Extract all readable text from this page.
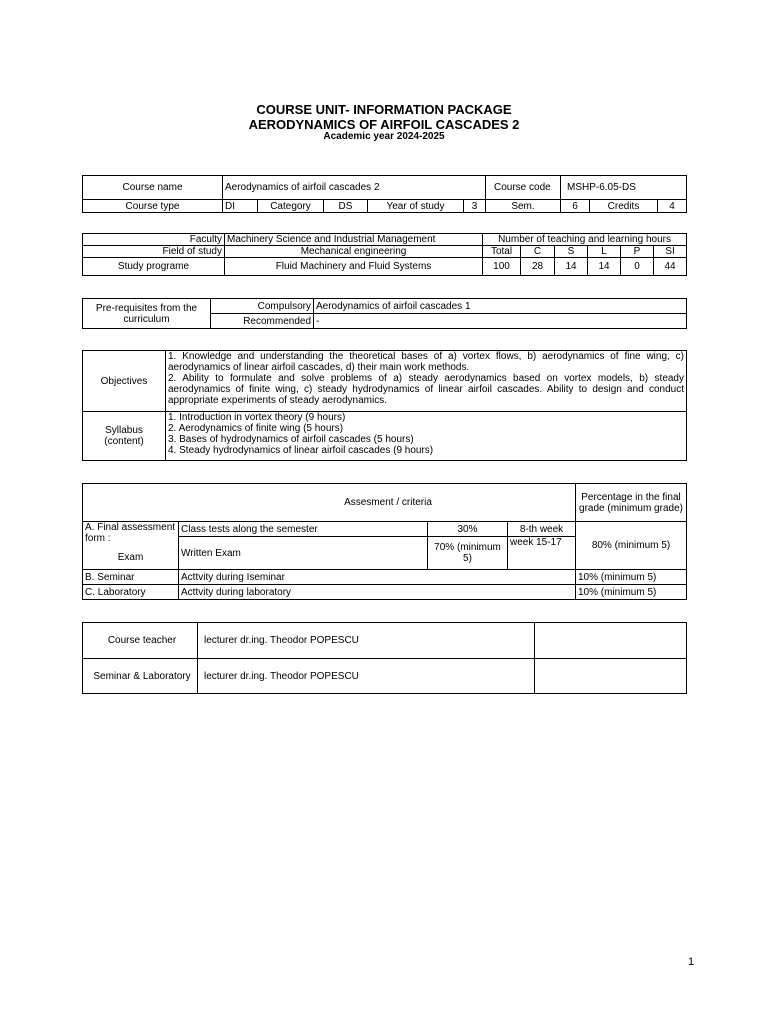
COURSE UNIT- INFORMATION PACKAGE
AERODYNAMICS OF AIRFOIL CASCADES 2
Academic year 2024-2025
Course name	Aerodynamics of airfoil cascades 2					Course code	MSHP-6.05-DS		
Course type	DI	Category	DS	Year of study	3	Sem.	6	Credits	4
Faculty	Machinery Science and Industrial Management	Number of teaching and learning hours					
Field of study	Mechanical engineering	Total	C	S	L	P	SI
Study programe	Fluid Machinery and Fluid Systems	100	28	14	14	0	44
Pre-requisites from the curriculum	Compulsory	Aerodynamics of airfoil cascades 1
	Recommended	-
Objectives	1. Knowledge and understanding the theoretical bases of a) vortex flows, b) aerodynamics of fine wing, c) aerodynamics of linear airfoil cascades, d) their main work methods.
2. Ability to formulate and solve problems of a) steady aerodynamics based on vortex models, b) steady aerodynamics of finite wing, c) steady hydrodynamics of linear airfoil cascades. Ability to design and conduct appropriate experiments of steady aerodynamics.

Syllabus (content)	1. Introduction in vortex theory (9 hours)
2. Aerodynamics of finite wing (5 hours)
3. Bases of hydrodynamics of airfoil cascades (5 hours)
4. Steady hydrodynamics of linear airfoil cascades (9 hours)
Assesment / criteria				Percentage in the final grade (minimum grade)

A. Final assessment form :
Exam	Class tests along the semester	30%	8-th week	80% (minimum 5)
	Written Exam	70% (minimum 5)	week 15-17	
B. Seminar	Acttvity during Iseminar			10% (minimum 5)
C. Laboratory	Acttvity during laboratory			10% (minimum 5)
Course teacher	lecturer dr.ing. Theodor POPESCU	
Seminar & Laboratory	lecturer dr.ing. Theodor POPESCU	
1
